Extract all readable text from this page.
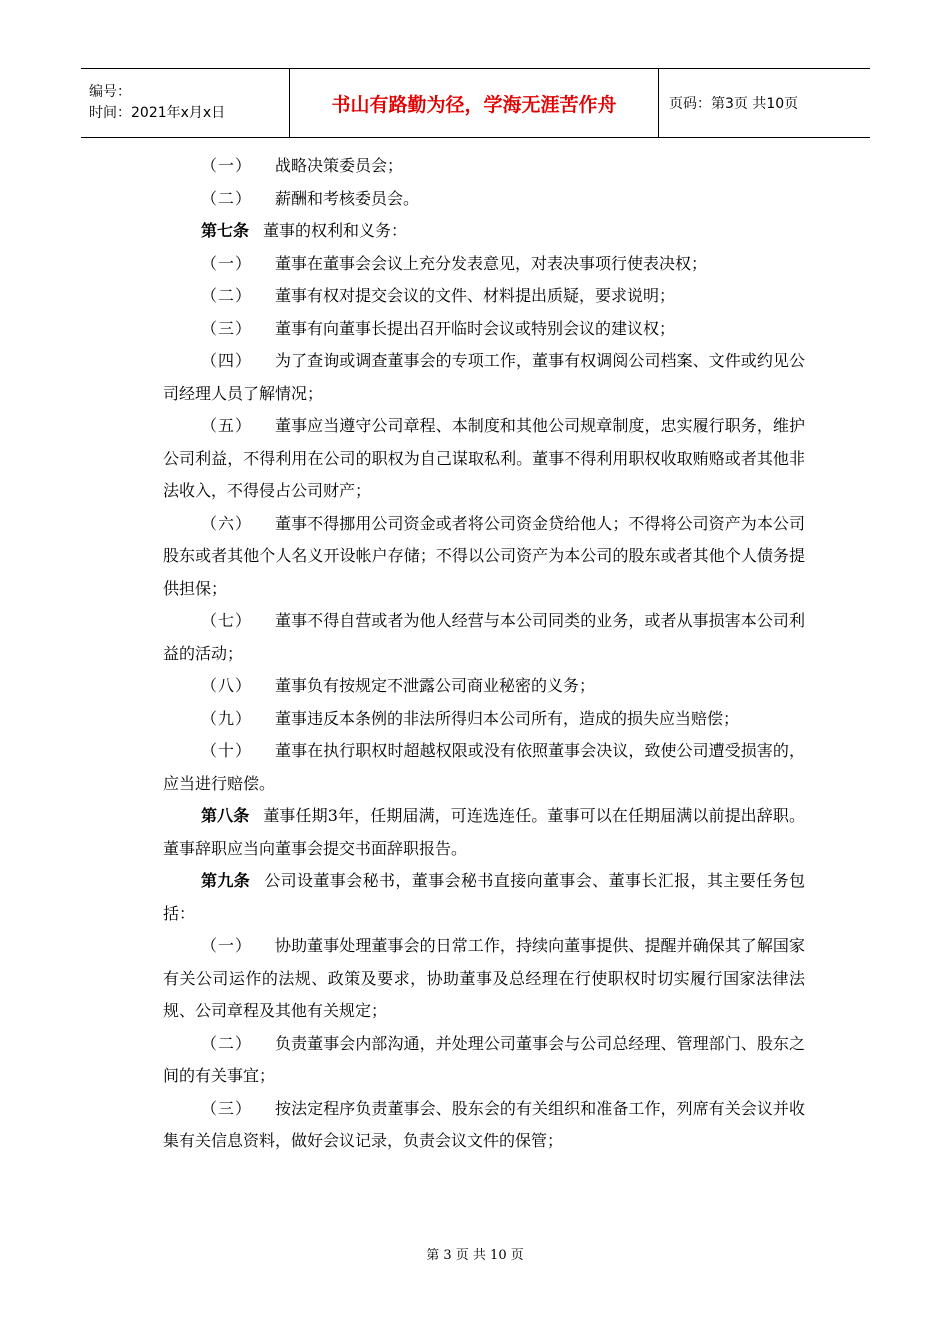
编号：
时间：2021年x月x日	书山有路勤为径，学海无涯苦作舟	页码：第3页 共10页

（一） 战略决策委员会；

（二） 薪酬和考核委员会。

第七条 董事的权利和义务：

（一） 董事在董事会会议上充分发表意见，对表决事项行使表决权；

（二） 董事有权对提交会议的文件、材料提出质疑，要求说明；

（三） 董事有向董事长提出召开临时会议或特别会议的建议权；

（四） 为了查询或调查董事会的专项工作，董事有权调阅公司档案、文件或约见公司经理人员了解情况；

（五） 董事应当遵守公司章程、本制度和其他公司规章制度，忠实履行职务，维护公司利益，不得利用在公司的职权为自己谋取私利。董事不得利用职权收取贿赂或者其他非法收入，不得侵占公司财产；

（六） 董事不得挪用公司资金或者将公司资金贷给他人；不得将公司资产为本公司股东或者其他个人名义开设帐户存储；不得以公司资产为本公司的股东或者其他个人债务提供担保；

（七） 董事不得自营或者为他人经营与本公司同类的业务，或者从事损害本公司利益的活动；

（八） 董事负有按规定不泄露公司商业秘密的义务；

（九） 董事违反本条例的非法所得归本公司所有，造成的损失应当赔偿；

（十） 董事在执行职权时超越权限或没有依照董事会决议，致使公司遭受损害的，应当进行赔偿。

第八条 董事任期3年，任期届满，可连选连任。董事可以在任期届满以前提出辞职。董事辞职应当向董事会提交书面辞职报告。

第九条 公司设董事会秘书，董事会秘书直接向董事会、董事长汇报，其主要任务包括：

（一） 协助董事处理董事会的日常工作，持续向董事提供、提醒并确保其了解国家有关公司运作的法规、政策及要求，协助董事及总经理在行使职权时切实履行国家法律法规、公司章程及其他有关规定；

（二） 负责董事会内部沟通，并处理公司董事会与公司总经理、管理部门、股东之间的有关事宜；

（三） 按法定程序负责董事会、股东会的有关组织和准备工作，列席有关会议并收集有关信息资料，做好会议记录，负责会议文件的保管；

第 3 页 共 10 页
